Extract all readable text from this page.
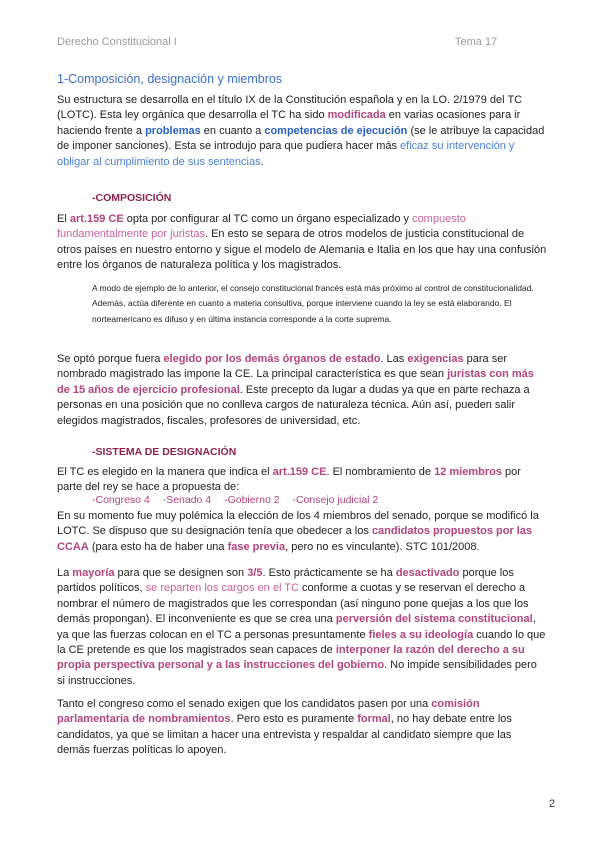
Derecho Constitucional I	Tema 17
1-Composición, designación y miembros

Su estructura se desarrolla en el título IX de la Constitución española y en la LO. 2/1979 del TC (LOTC). Esta ley orgánica que desarrolla el TC ha sido modificada en varias ocasiones para ir haciendo frente a problemas en cuanto a competencias de ejecución (se le atribuye la capacidad de imponer sanciones). Esta se introdujo para que pudiera hacer más eficaz su intervención y obligar al cumplimiento de sus sentencias.

-COMPOSICIÓN

El art.159 CE opta por configurar al TC como un órgano especializado y compuesto fundamentalmente por juristas. En esto se separa de otros modelos de justicia constitucional de otros países en nuestro entorno y sigue el modelo de Alemania e Italia en los que hay una confusión entre los órganos de naturaleza política y los magistrados.

A modo de ejemplo de lo anterior, el consejo constitucional francés está más próximo al control de constitucionalidad. Además, actúa diferente en cuanto a materia consultiva, porque interviene cuando la ley se está elaborando. El norteamericano es difuso y en última instancia corresponde a la corte suprema.

Se optó porque fuera elegido por los demás órganos de estado. Las exigencias para ser nombrado magistrado las impone la CE. La principal característica es que sean juristas con más de 15 años de ejercicio profesional. Este precepto da lugar a dudas ya que en parte rechaza a personas en una posición que no conlleva cargos de naturaleza técnica. Aún así, pueden salir elegidos magistrados, fiscales, profesores de universidad, etc.

-SISTEMA DE DESIGNACIÓN

El TC es elegido en la manera que indica el art.159 CE. El nombramiento de 12 miembros por parte del rey se hace a propuesta de:

-Congreso 4 -Senado 4 -Gobierno 2 -Consejo judicial 2

En su momento fue muy polémica la elección de los 4 miembros del senado, porque se modificó la LOTC. Se dispuso que su designación tenía que obedecer a los candidatos propuestos por las CCAA (para esto ha de haber una fase previa, pero no es vinculante). STC 101/2008.

La mayoría para que se designen son 3/5. Esto prácticamente se ha desactivado porque los partidos políticos, se reparten los cargos en el TC conforme a cuotas y se reservan el derecho a nombrar el número de magistrados que les correspondan (así ninguno pone quejas a los que los demás propongan). El inconveniente es que se crea una perversión del sistema constitucional, ya que las fuerzas colocan en el TC a personas presuntamente fieles a su ideología cuando lo que la CE pretende es que los magistrados sean capaces de interponer la razón del derecho a su propia perspectiva personal y a las instrucciones del gobierno. No impide sensibilidades pero si instrucciones.

Tanto el congreso como el senado exigen que los candidatos pasen por una comisión parlamentaria de nombramientos. Pero esto es puramente formal, no hay debate entre los candidatos, ya que se limitan a hacer una entrevista y respaldar al candidato siempre que las demás fuerzas políticas lo apoyen.

2
